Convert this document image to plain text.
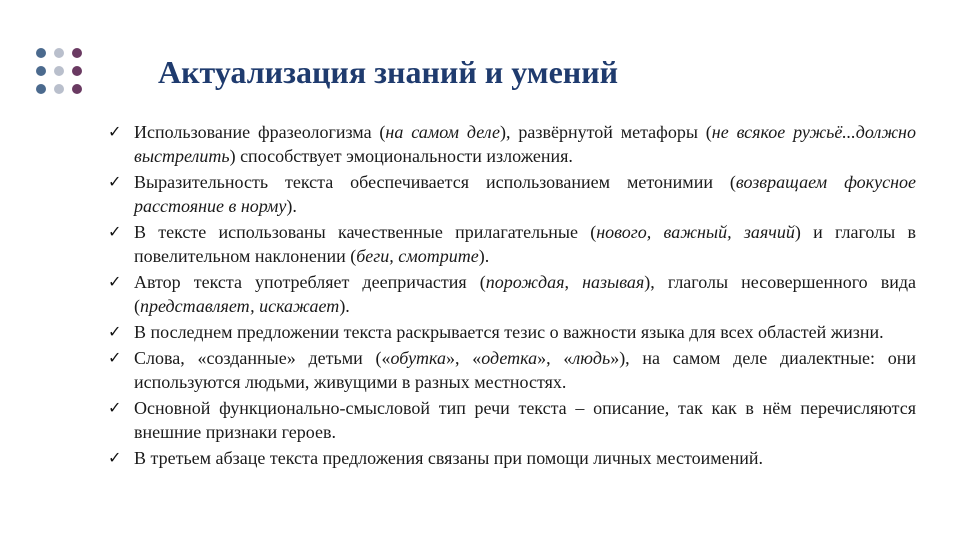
Актуализация знаний и умений
✓ Использование фразеологизма (на самом деле), развёрнутой метафоры (не всякое ружьё...должно выстрелить) способствует эмоциональности изложения.
✓ Выразительность текста обеспечивается использованием метонимии (возвращаем фокусное расстояние в норму).
✓ В тексте использованы качественные прилагательные (нового, важный, заячий) и глаголы в повелительном наклонении (беги, смотрите).
✓ Автор текста употребляет деепричастия (порождая, называя), глаголы несовершенного вида (представляет, искажает).
✓ В последнем предложении текста раскрывается тезис о важности языка для всех областей жизни.
✓ Слова, «созданные» детьми («обутка», «одетка», «людь»), на самом деле диалектные: они используются людьми, живущими в разных местностях.
✓ Основной функционально-смысловой тип речи текста – описание, так как в нём перечисляются внешние признаки героев.
✓ В третьем абзаце текста предложения связаны при помощи личных местоимений.
